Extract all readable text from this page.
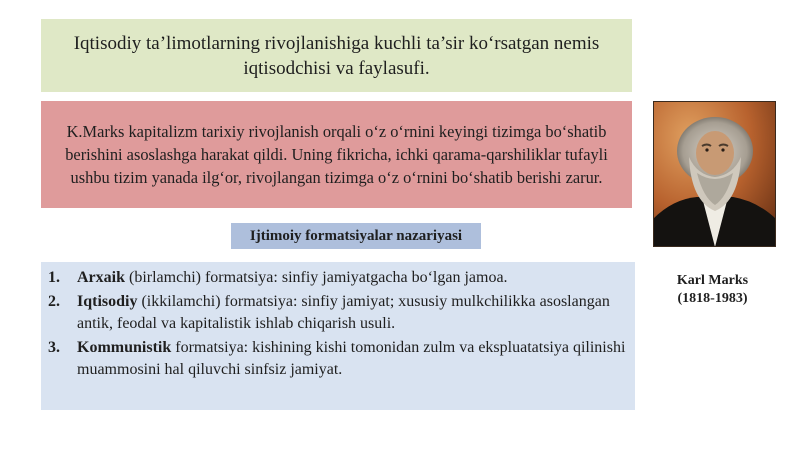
Iqtisodiy ta’limotlarning rivojlanishiga kuchli ta’sir ko‘rsatgan nemis iqtisodchisi va faylasufi.
K.Marks kapitalizm tarixiy rivojlanish orqali o‘z o‘rnini keyingi tizimga bo‘shatib berishini asoslashga harakat qildi. Uning fikricha, ichki qarama-qarshiliklar tufayli ushbu tizim yanada ilg‘or, rivojlangan tizimga o‘z o‘rnini bo‘shatib berishi zarur.
Ijtimoiy formatsiyalar nazariyasi
1.	Arxaik (birlamchi) formatsiya: sinfiy jamiyatgacha bo‘lgan jamoa.
2.	Iqtisodiy (ikkilamchi) formatsiya: sinfiy jamiyat; xususiy mulkchilikka asoslangan antik, feodal va kapitalistik ishlab chiqarish usuli.
3.	Kommunistik formatsiya: kishining kishi tomonidan zulm va ekspluatatsiya qilinishi muammosini hal qiluvchi sinfsiz jamiyat.
Karl Marks
(1818-1983)
